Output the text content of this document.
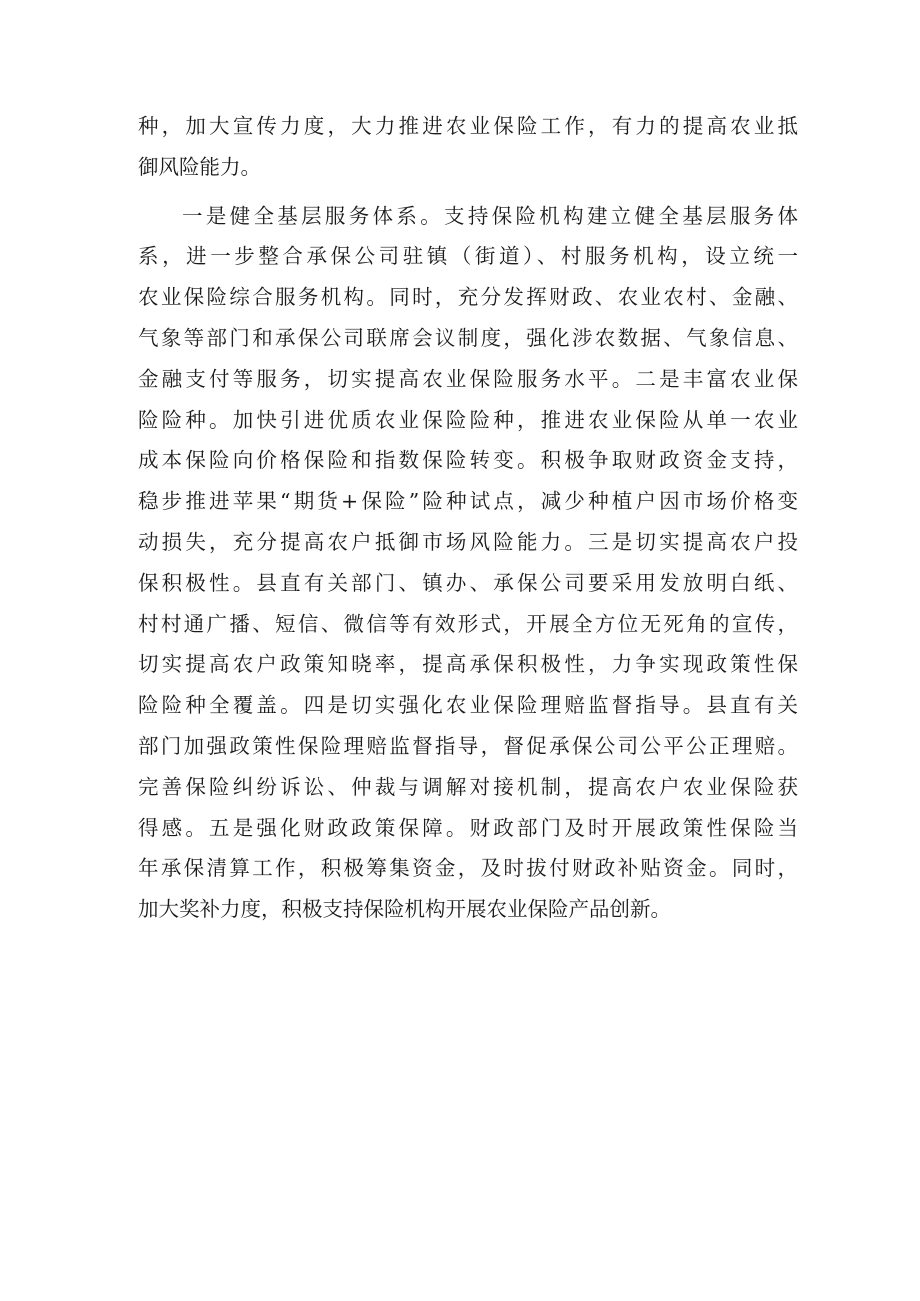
种，加大宣传力度，大力推进农业保险工作，有力的提高农业抵
御风险能力。
一是健全基层服务体系。支持保险机构建立健全基层服务体
系，进一步整合承保公司驻镇（街道）、村服务机构，设立统一
农业保险综合服务机构。同时，充分发挥财政、农业农村、金融、
气象等部门和承保公司联席会议制度，强化涉农数据、气象信息、
金融支付等服务，切实提高农业保险服务水平。二是丰富农业保
险险种。加快引进优质农业保险险种，推进农业保险从单一农业
成本保险向价格保险和指数保险转变。积极争取财政资金支持，
稳步推进苹果“期货+保险”险种试点，减少种植户因市场价格变
动损失，充分提高农户抵御市场风险能力。三是切实提高农户投
保积极性。县直有关部门、镇办、承保公司要采用发放明白纸、
村村通广播、短信、微信等有效形式，开展全方位无死角的宣传，
切实提高农户政策知晓率，提高承保积极性，力争实现政策性保
险险种全覆盖。四是切实强化农业保险理赔监督指导。县直有关
部门加强政策性保险理赔监督指导，督促承保公司公平公正理赔。
完善保险纠纷诉讼、仲裁与调解对接机制，提高农户农业保险获
得感。五是强化财政政策保障。财政部门及时开展政策性保险当
年承保清算工作，积极筹集资金，及时拔付财政补贴资金。同时，
加大奖补力度，积极支持保险机构开展农业保险产品创新。
